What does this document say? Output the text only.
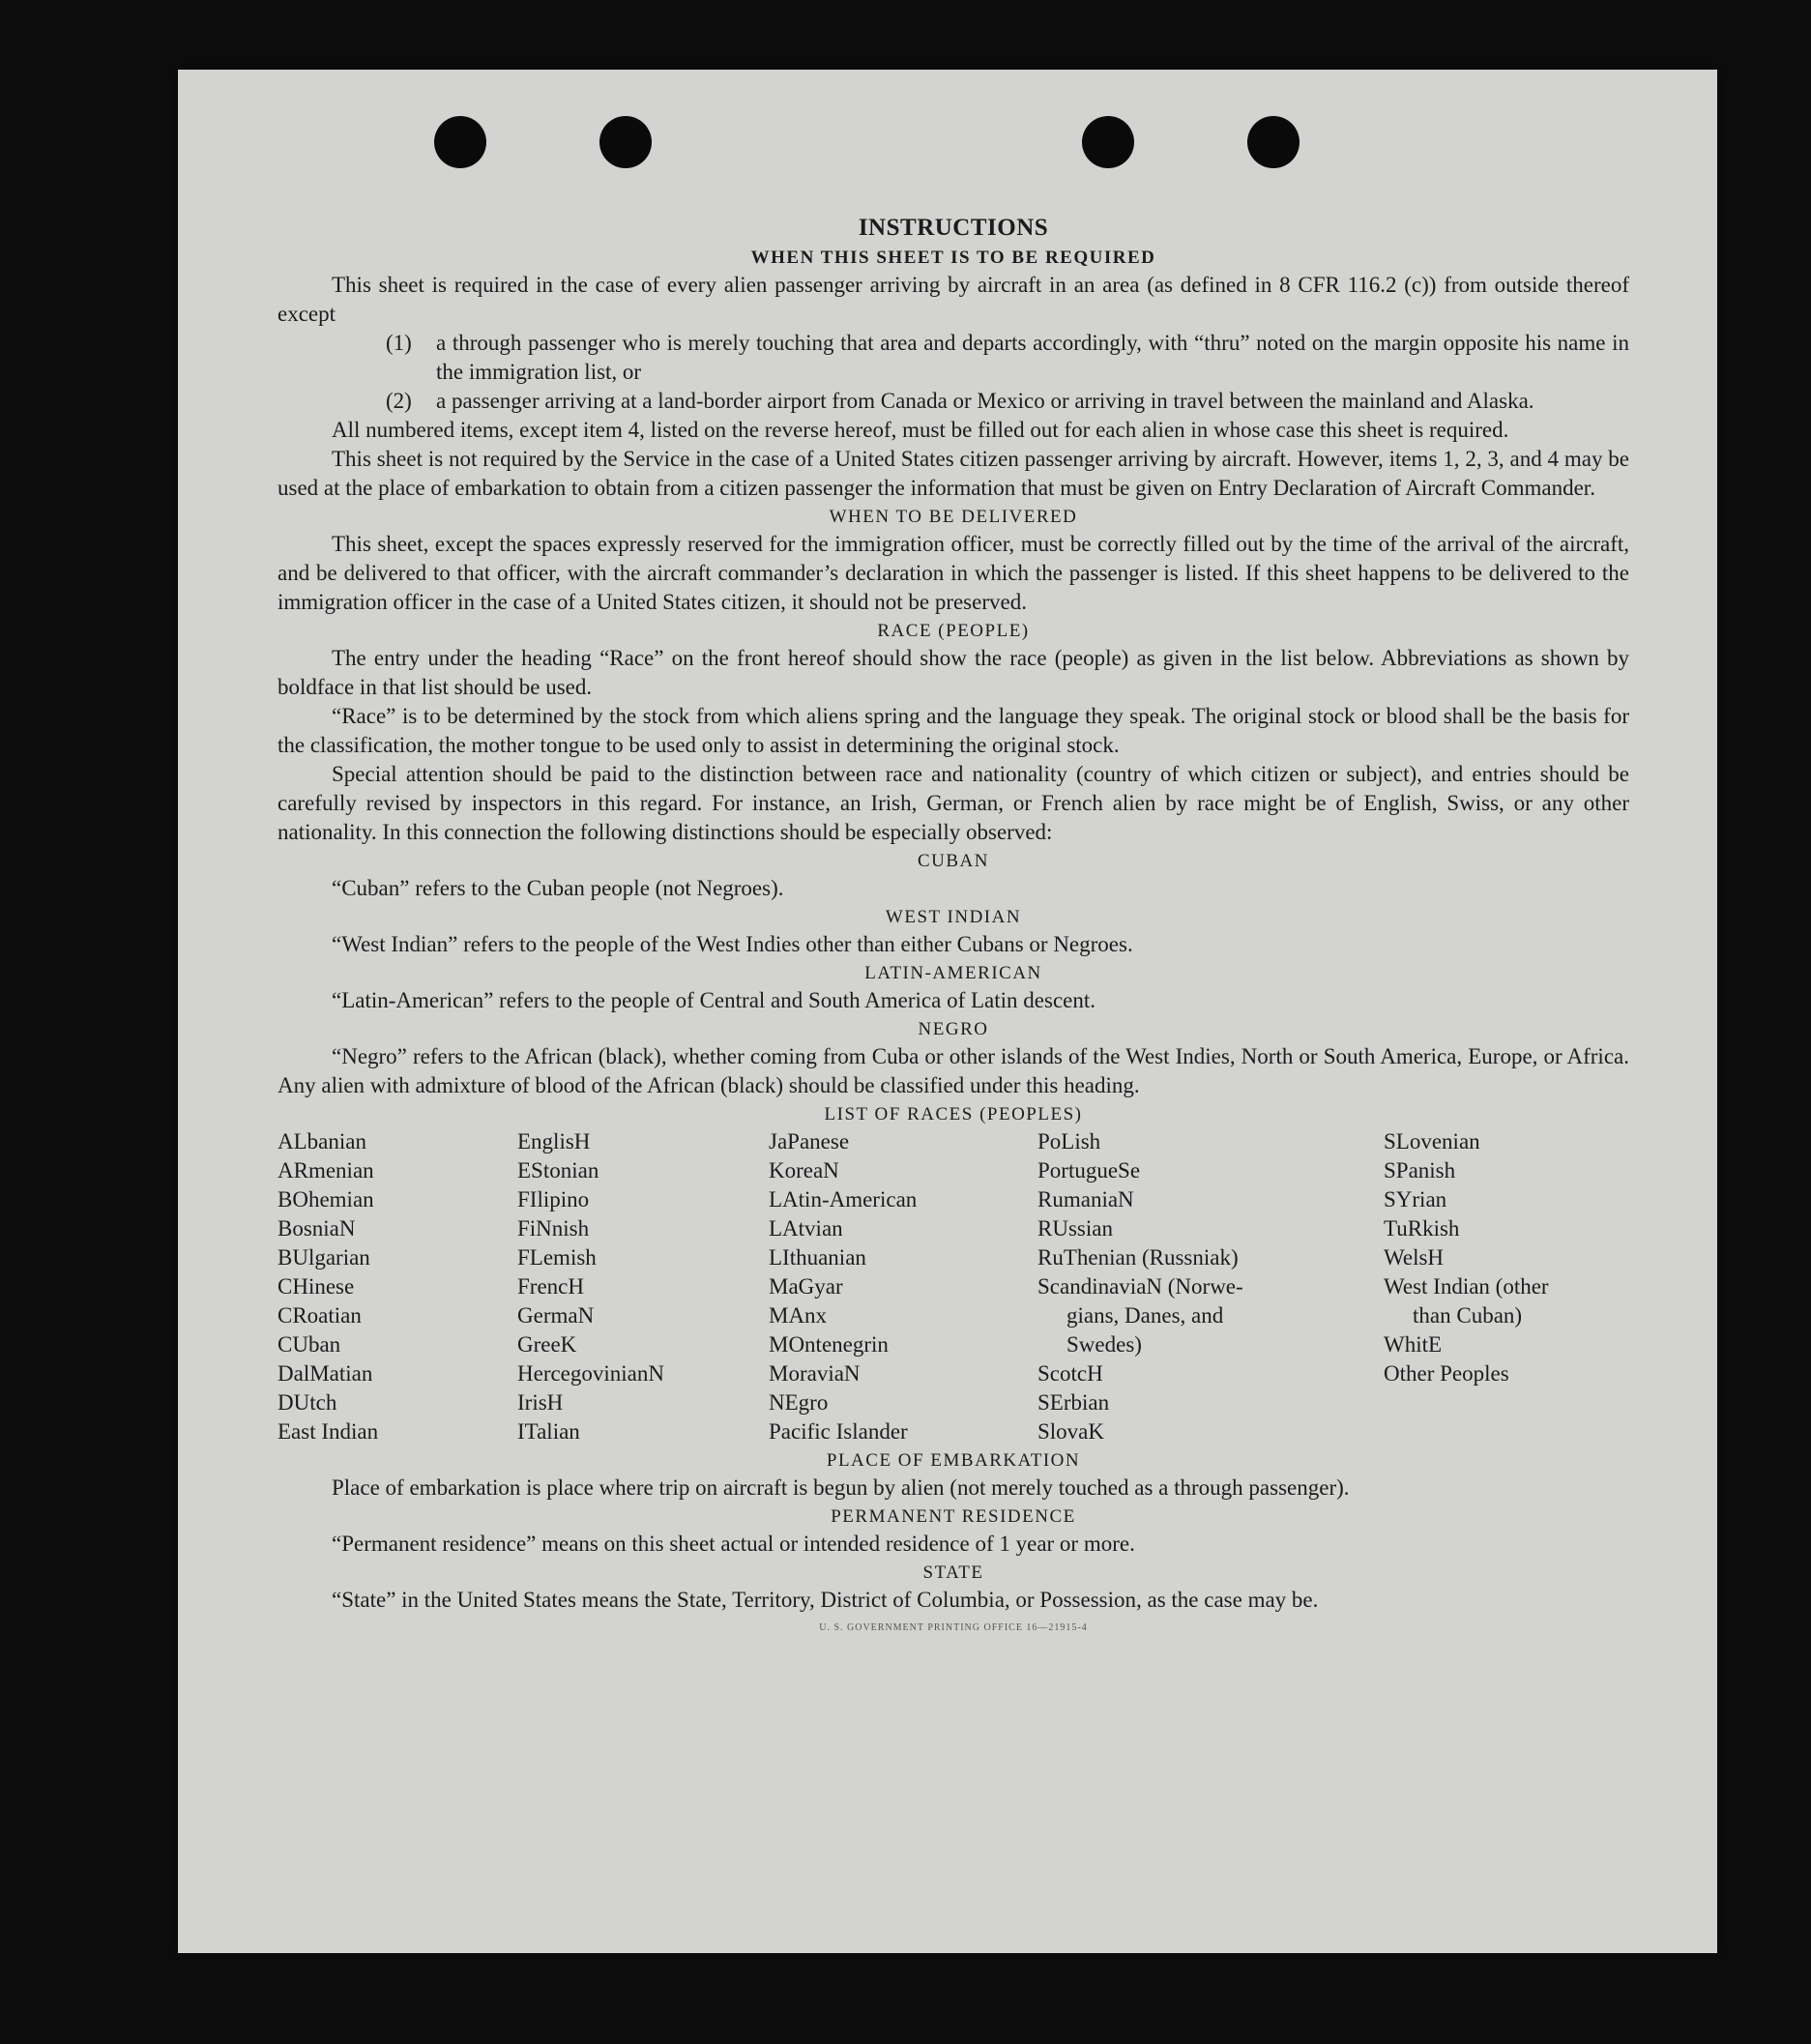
INSTRUCTIONS
WHEN THIS SHEET IS TO BE REQUIRED

This sheet is required in the case of every alien passenger arriving by aircraft in an area (as defined in 8 CFR 116.2 (c)) from outside thereof except

(1)	a through passenger who is merely touching that area and departs accordingly, with “thru” noted on the margin opposite his name in the immigration list, or
(2)	a passenger arriving at a land-border airport from Canada or Mexico or arriving in travel between the mainland and Alaska.

All numbered items, except item 4, listed on the reverse hereof, must be filled out for each alien in whose case this sheet is required.

This sheet is not required by the Service in the case of a United States citizen passenger arriving by aircraft. However, items 1, 2, 3, and 4 may be used at the place of embarkation to obtain from a citizen passenger the information that must be given on Entry Declaration of Aircraft Commander.

WHEN TO BE DELIVERED

This sheet, except the spaces expressly reserved for the immigration officer, must be correctly filled out by the time of the arrival of the aircraft, and be delivered to that officer, with the aircraft commander’s declaration in which the passenger is listed. If this sheet happens to be delivered to the immigration officer in the case of a United States citizen, it should not be preserved.

RACE (PEOPLE)

The entry under the heading “Race” on the front hereof should show the race (people) as given in the list below. Abbreviations as shown by boldface in that list should be used.

“Race” is to be determined by the stock from which aliens spring and the language they speak. The original stock or blood shall be the basis for the classification, the mother tongue to be used only to assist in determining the original stock.

Special attention should be paid to the distinction between race and nationality (country of which citizen or subject), and entries should be carefully revised by inspectors in this regard. For instance, an Irish, German, or French alien by race might be of English, Swiss, or any other nationality. In this connection the following distinctions should be especially observed:

CUBAN

“Cuban” refers to the Cuban people (not Negroes).

WEST INDIAN

“West Indian” refers to the people of the West Indies other than either Cubans or Negroes.

LATIN-AMERICAN

“Latin-American” refers to the people of Central and South America of Latin descent.

NEGRO

“Negro” refers to the African (black), whether coming from Cuba or other islands of the West Indies, North or South America, Europe, or Africa. Any alien with admixture of blood of the African (black) should be classified under this heading.

LIST OF RACES (PEOPLES)
ALbanian
ARmenian
BOhemian
BosniaN
BUlgarian
CHinese
CRoatian
CUban
DalMatian
DUtch
East Indian
EnglisH
EStonian
FIlipino
FiNnish
FLemish
FrencH
GermaN
GreeK
HercegovinianN
IrisH
ITalian
JaPanese
KoreaN
LAtin-American
LAtvian
LIthuanian
MaGyar
MAnx
MOntenegrin
MoraviaN
NEgro
Pacific Islander
PoLish
PortugueSe
RumaniaN
RUssian
RuThenian (Russniak)
ScandinaviaN (Norwe-
gians, Danes, and
Swedes)
ScotcH
SErbian
SlovaK
SLovenian
SPanish
SYrian
TuRkish
WelsH
West Indian (other
than Cuban)
WhitE
Other Peoples
PLACE OF EMBARKATION

Place of embarkation is place where trip on aircraft is begun by alien (not merely touched as a through passenger).

PERMANENT RESIDENCE

“Permanent residence” means on this sheet actual or intended residence of 1 year or more.

STATE

“State” in the United States means the State, Territory, District of Columbia, or Possession, as the case may be.

U. S. GOVERNMENT PRINTING OFFICE 16—21915-4
